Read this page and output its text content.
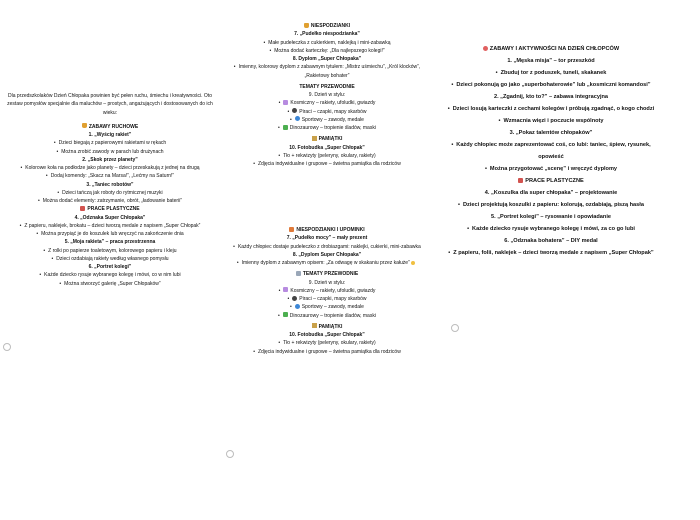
Dla przedszkolaków Dzień Chłopaka powinien być pełen ruchu, śmiechu i kreatywności. Oto zestaw pomysłów specjalnie dla maluchów – prostych, angażujących i dostosowanych do ich wieku:
ZABAWY RUCHOWE
1. „Wyścig rakiet”
• Dzieci biegają z papierowymi rakietami w rękach
• Można zrobić zawody w parach lub drużynach
2. „Skok przez planety”
• Kolorowe koła na podłodze jako planety – dzieci przeskakują z jednej na drugą
• Dodaj komendy: „Skacz na Marsa!”, „Lećmy na Saturn!”
3. „Taniec robotów”
• Dzieci tańczą jak roboty do rytmicznej muzyki
• Można dodać elementy: zatrzymanie, obrót, „ładowanie baterii”
PRACE PLASTYCZNE
4. „Odznaka Super Chłopaka”
• Z papieru, naklejek, brokatu – dzieci tworzą medale z napisem „Super Chłopak”
• Można przypiąć je do koszulek lub wręczyć na zakończenie dnia
5. „Moja rakieta” – praca przestrzenna
• Z rolki po papierze toaletowym, kolorowego papieru i kleju
• Dzieci ozdabiają rakiety według własnego pomysłu
6. „Portret kolegi”
• Każde dziecko rysuje wybranego kolegę i mówi, co w nim lubi
• Można stworzyć galerię „Super Chłopaków”
NIESPODZIANKI
7. „Pudełko niespodzianka”
• Małe pudełeczka z cukierkiem, naklejką i mini-zabawką
• Można dodać karteczkę: „Dla najlepszego kolegi!”
8. Dyplom „Super Chłopaka”
• Imienny, kolorowy dyplom z zabawnym tytułem: „Mistrz uśmiechu”, „Król klocków”, „Rakietowy bohater”
TEMATY PRZEWODNIE
9. Dzień w stylu:
• Kosmiczny – rakiety, ufoludki, gwiazdy
• Piraci – czapki, mapy skarbów
• Sportowy – zawody, medale
• Dinozaurowy – tropienie śladów, maski
PAMIĄTKI
10. Fotobudka „Super Chłopak”
• Tło + rekwizyty (peleryny, okulary, rakiety)
• Zdjęcia indywidualne i grupowe – świetna pamiątka dla rodziców
NIESPODZIANKI I UPOMINKI
7. „Pudełko mocy” – mały prezent
• Każdy chłopiec dostaje pudełeczko z drobiazgami: naklejki, cukierki, mini-zabawka
8. „Dyplom Super Chłopaka”
• Imienny dyplom z zabawnym opisem: „Za odwagę w skakaniu przez kałuże”
TEMATY PRZEWODNIE
9. Dzień w stylu:
• Kosmiczny – rakiety, ufoludki, gwiazdy
• Piraci – czapki, mapy skarbów
• Sportowy – zawody, medale
• Dinozaurowy – tropienie śladów, maski
PAMIĄTKI
10. Fotobudka „Super Chłopak”
• Tło + rekwizyty (peleryny, okulary, rakiety)
• Zdjęcia indywidualne i grupowe – świetna pamiątka dla rodziców
ZABAWY I AKTYWNOŚCI NA DZIEŃ CHŁOPCÓW
1. „Męska misja” – tor przeszkód
• Zbuduj tor z poduszek, tuneli, skakanek
• Dzieci pokonują go jako „superbohaterowie” lub „kosmiczni komandosi”
2. „Zgadnij, kto to?” – zabawa integracyjna
• Dzieci losują karteczki z cechami kolegów i próbują zgadnąć, o kogo chodzi
• Wzmacnia więzi i poczucie wspólnoty
3. „Pokaz talentów chłopaków”
• Każdy chłopiec może zaprezentować coś, co lubi: taniec, śpiew, rysunek, opowieść
• Można przygotować „scenę” i wręczyć dyplomy
PRACE PLASTYCZNE
4. „Koszulka dla super chłopaka” – projektowanie
• Dzieci projektują koszulki z papieru: kolorują, ozdabiają, piszą hasła
5. „Portret kolegi” – rysowanie i opowiadanie
• Każde dziecko rysuje wybranego kolegę i mówi, za co go lubi
6. „Odznaka bohatera” – DIY medal
• Z papieru, folii, naklejek – dzieci tworzą medale z napisem „Super Chłopak”
